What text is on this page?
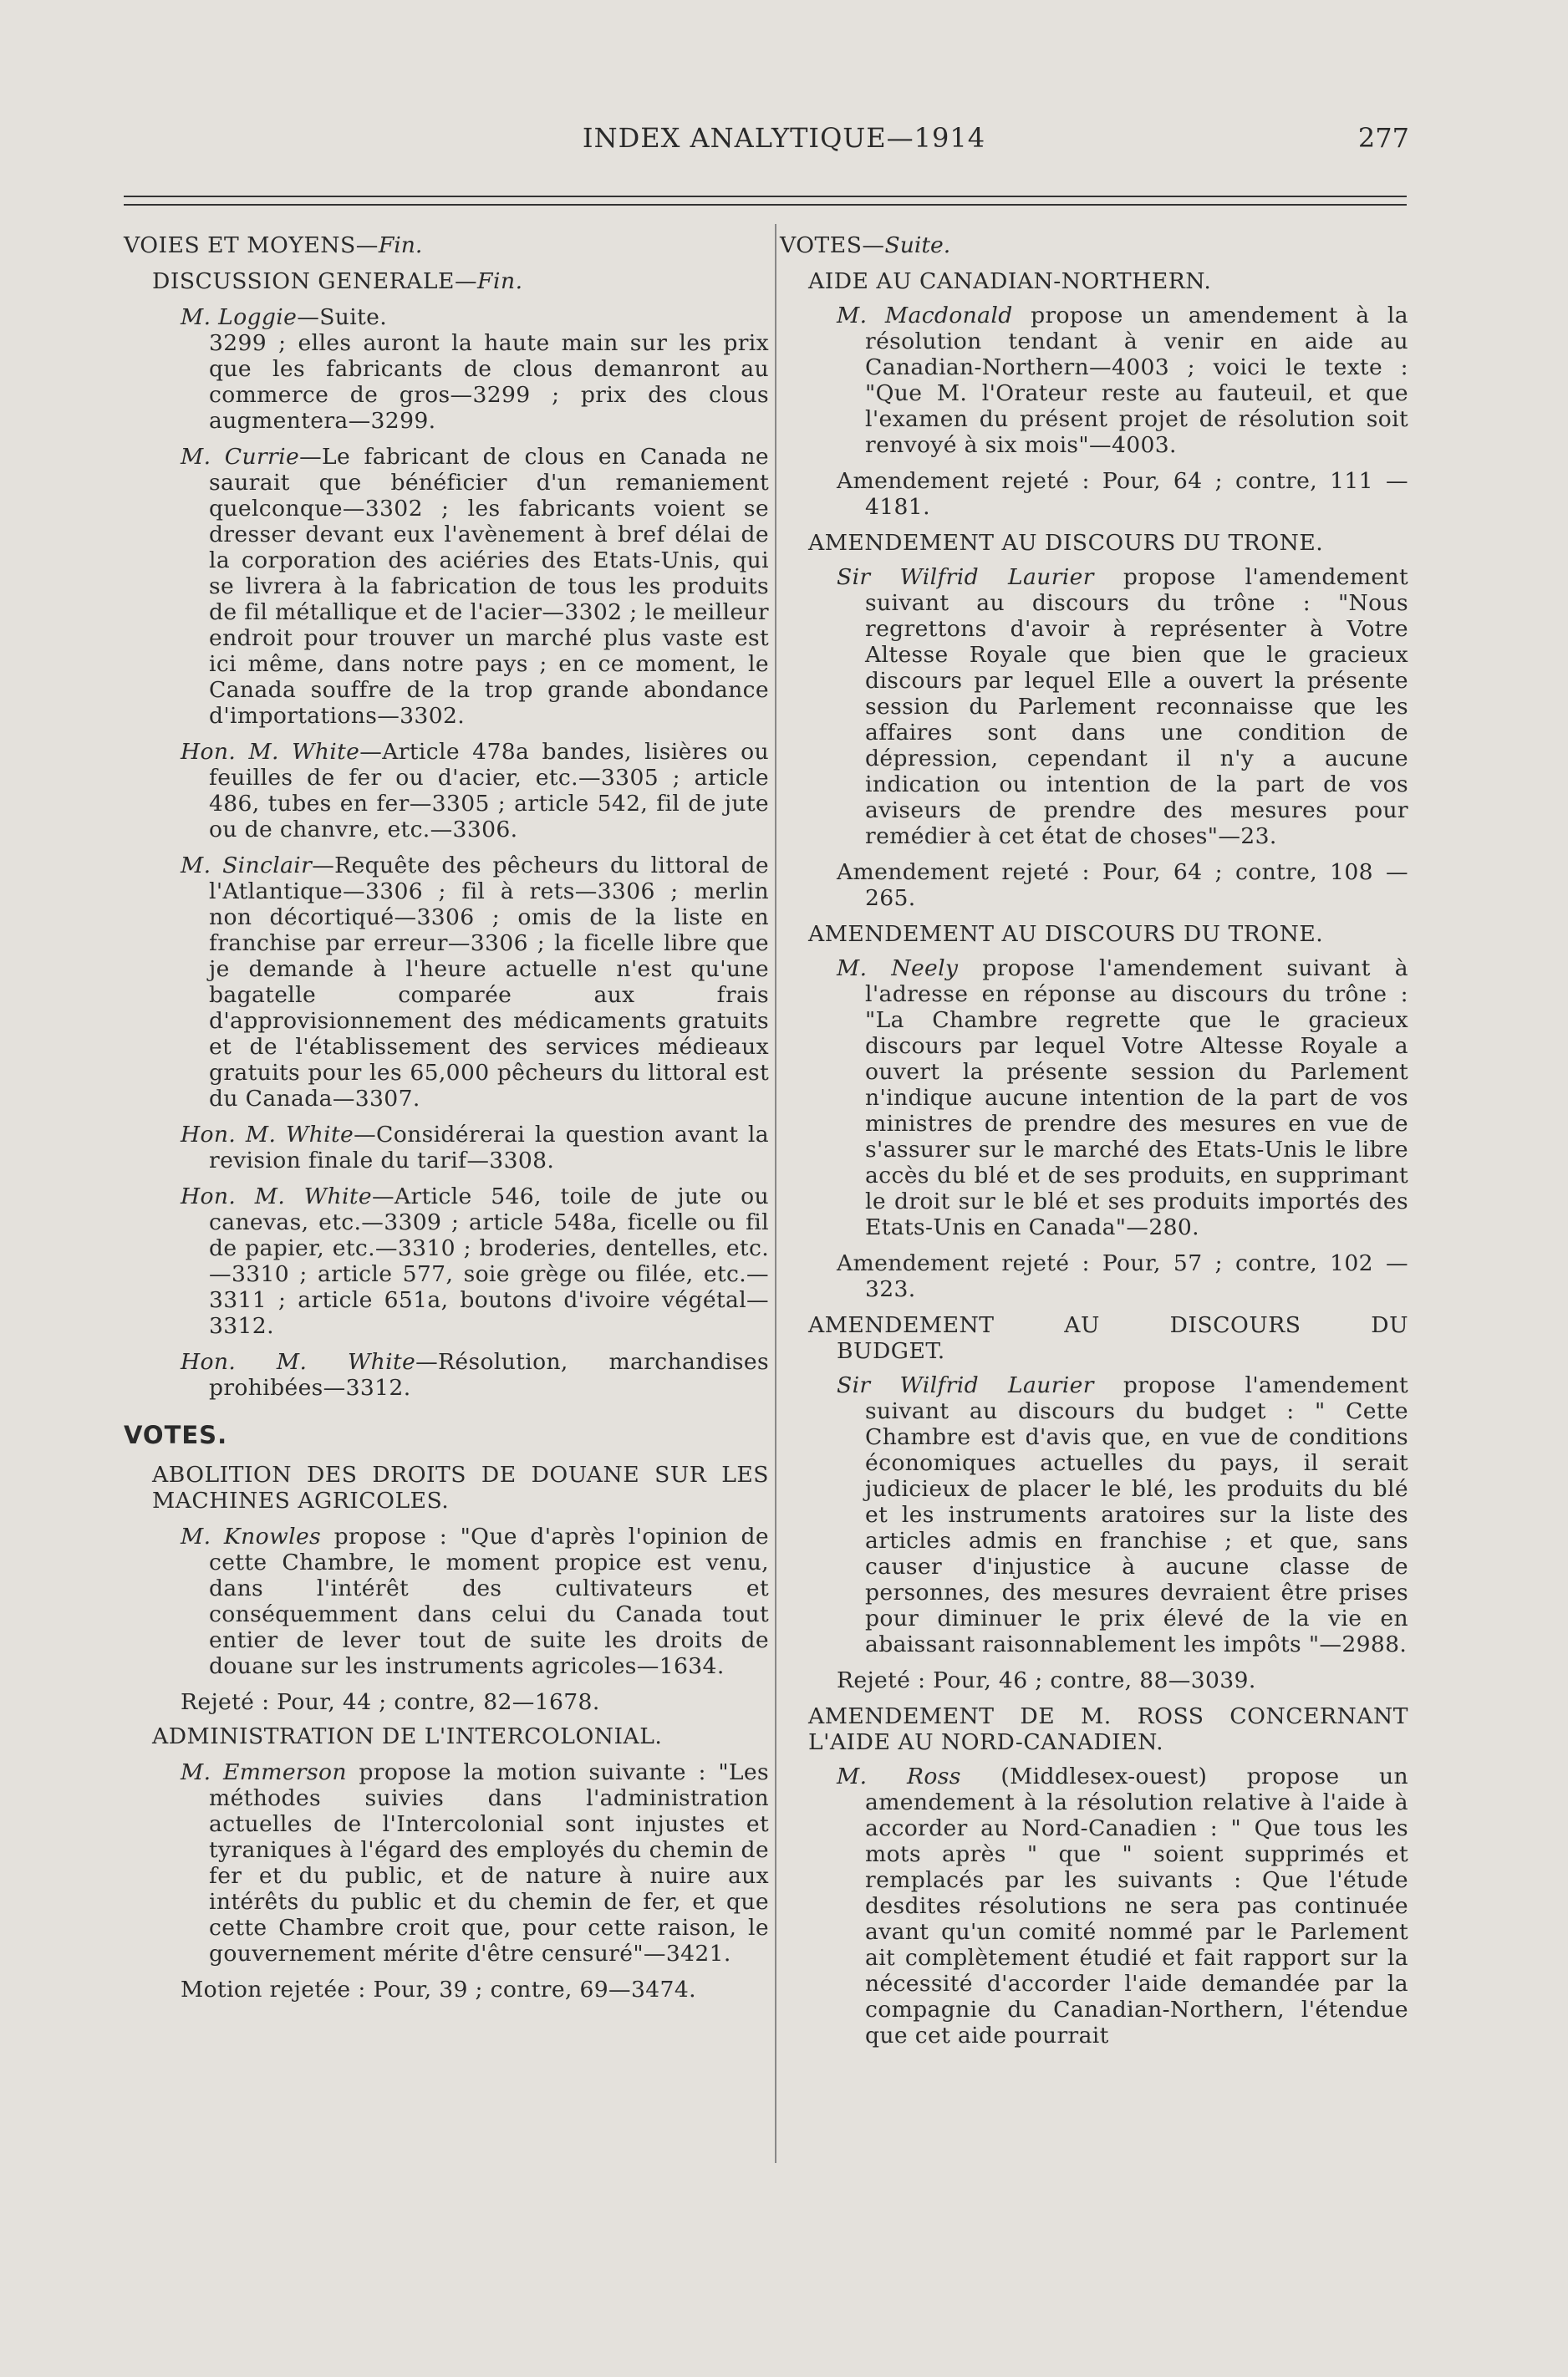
INDEX ANALYTIQUE—1914	277
VOIES ET MOYENS—Fin.
DISCUSSION GENERALE—Fin.
M. Loggie—Suite.
3299 ; elles auront la haute main sur les prix que les fabricants de clous demanront au commerce de gros—3299 ; prix des clous augmentera—3299.
M. Currie—Le fabricant de clous en Canada ne saurait que bénéficier d'un remaniement quelconque—3302 ; les fabricants voient se dresser devant eux l'avènement à bref délai de la corporation des aciéries des Etats-Unis, qui se livrera à la fabrication de tous les produits de fil métallique et de l'acier—3302 ; le meilleur endroit pour trouver un marché plus vaste est ici même, dans notre pays ; en ce moment, le Canada souffre de la trop grande abondance d'importations—3302.
Hon. M. White—Article 478a bandes, lisières ou feuilles de fer ou d'acier, etc.—3305 ; article 486, tubes en fer—3305 ; article 542, fil de jute ou de chanvre, etc.—3306.
M. Sinclair—Requête des pêcheurs du littoral de l'Atlantique—3306 ; fil à rets—3306 ; merlin non décortiqué—3306 ; omis de la liste en franchise par erreur—3306 ; la ficelle libre que je demande à l'heure actuelle n'est qu'une bagatelle comparée aux frais d'approvisionnement des médicaments gratuits et de l'établissement des services médieaux gratuits pour les 65,000 pêcheurs du littoral est du Canada—3307.
Hon. M. White—Considérerai la question avant la revision finale du tarif—3308.
Hon. M. White—Article 546, toile de jute ou canevas, etc.—3309 ; article 548a, ficelle ou fil de papier, etc.—3310 ; broderies, dentelles, etc.—3310 ; article 577, soie grège ou filée, etc.—3311 ; article 651a, boutons d'ivoire végétal—3312.
Hon. M. White—Résolution, marchandises prohibées—3312.
VOTES.
ABOLITION DES DROITS DE DOUANE SUR LES MACHINES AGRICOLES.
M. Knowles propose : "Que d'après l'opinion de cette Chambre, le moment propice est venu, dans l'intérêt des cultivateurs et conséquemment dans celui du Canada tout entier de lever tout de suite les droits de douane sur les instruments agricoles—1634.
Rejeté : Pour, 44 ; contre, 82—1678.
ADMINISTRATION DE L'INTERCOLONIAL.
M. Emmerson propose la motion suivante : "Les méthodes suivies dans l'administration actuelles de l'Intercolonial sont injustes et tyraniques à l'égard des employés du chemin de fer et du public, et de nature à nuire aux intérêts du public et du chemin de fer, et que cette Chambre croit que, pour cette raison, le gouvernement mérite d'être censuré"—3421.
Motion rejetée : Pour, 39 ; contre, 69—3474.
VOTES—Suite.
AIDE AU CANADIAN-NORTHERN.
M. Macdonald propose un amendement à la résolution tendant à venir en aide au Canadian-Northern—4003 ; voici le texte : "Que M. l'Orateur reste au fauteuil, et que l'examen du présent projet de résolution soit renvoyé à six mois"—4003.
Amendement rejeté : Pour, 64 ; contre, 111 —4181.
AMENDEMENT AU DISCOURS DU TRONE.
Sir Wilfrid Laurier propose l'amendement suivant au discours du trône : "Nous regrettons d'avoir à représenter à Votre Altesse Royale que bien que le gracieux discours par lequel Elle a ouvert la présente session du Parlement reconnaisse que les affaires sont dans une condition de dépression, cependant il n'y a aucune indication ou intention de la part de vos aviseurs de prendre des mesures pour remédier à cet état de choses"—23.
Amendement rejeté : Pour, 64 ; contre, 108 —265.
AMENDEMENT AU DISCOURS DU TRONE.
M. Neely propose l'amendement suivant à l'adresse en réponse au discours du trône : "La Chambre regrette que le gracieux discours par lequel Votre Altesse Royale a ouvert la présente session du Parlement n'indique aucune intention de la part de vos ministres de prendre des mesures en vue de s'assurer sur le marché des Etats-Unis le libre accès du blé et de ses produits, en supprimant le droit sur le blé et ses produits importés des Etats-Unis en Canada"—280.
Amendement rejeté : Pour, 57 ; contre, 102 —323.
AMENDEMENT AU DISCOURS DU
BUDGET.
Sir Wilfrid Laurier propose l'amendement suivant au discours du budget : " Cette Chambre est d'avis que, en vue de conditions économiques actuelles du pays, il serait judicieux de placer le blé, les produits du blé et les instruments aratoires sur la liste des articles admis en franchise ; et que, sans causer d'injustice à aucune classe de personnes, des mesures devraient être prises pour diminuer le prix élevé de la vie en abaissant raisonnablement les impôts "—2988.
Rejeté : Pour, 46 ; contre, 88—3039.
AMENDEMENT DE M. ROSS CONCERNANT L'AIDE AU NORD-CANADIEN.
M. Ross (Middlesex-ouest) propose un amendement à la résolution relative à l'aide à accorder au Nord-Canadien : " Que tous les mots après " que " soient supprimés et remplacés par les suivants : Que l'étude desdites résolutions ne sera pas continuée avant qu'un comité nommé par le Parlement ait complètement étudié et fait rapport sur la nécessité d'accorder l'aide demandée par la compagnie du Canadian-Northern, l'étendue que cet aide pourrait
